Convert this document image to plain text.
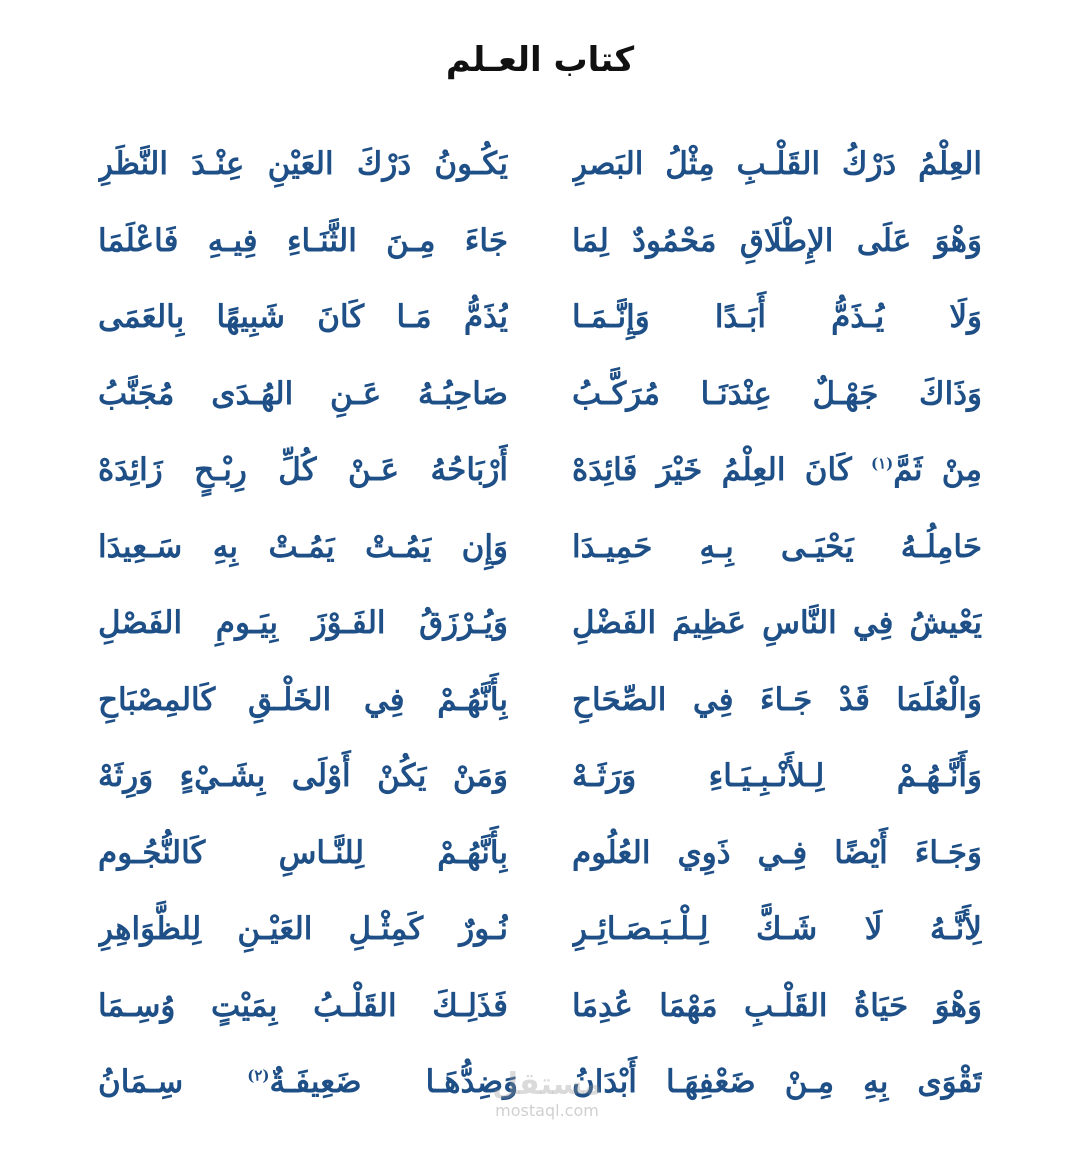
كتاب العـلم
العِلْمُ دَرْكُ القَلْـبِ مِثْلُ البَصرِ
يَكُـونُ دَرْكَ العَيْنِ عِنْـدَ النَّظَرِ
وَهْوَ عَلَى الإِطْلَاقِ مَحْمُودٌ لِمَا
جَاءَ مِـنَ الثَّنَـاءِ فِيـهِ فَاعْلَمَا
وَلَا يُـذَمُّ أَبَـدًا وَإِنَّـمَـا
يُذَمُّ مَـا كَانَ شَبِيهًا بِالعَمَى
وَذَاكَ جَهْـلٌ عِنْدَنَـا مُرَكَّـبُ
صَاحِبُـهُ عَـنِ الهُـدَى مُجَنَّبُ
مِنْ ثَمَّ$^{(١)}$ كَانَ العِلْمُ خَيْرَ فَائِدَهْ
أَرْبَاحُهُ عَـنْ كُلِّ رِبْـحٍ زَائِدَهْ
حَامِلُـهُ يَحْيَـى بِـهِ حَمِيـدَا
وَإِن يَمُـتْ يَمُـتْ بِهِ سَـعِيدَا
يَعْيشُ فِي النَّاسِ عَظِيمَ الفَضْلِ
وَيُـرْزَقُ الفَـوْزَ بِيَـومِ الفَصْلِ
وَالْعُلَمَا قَدْ جَـاءَ فِي الصِّحَاحِ
بِأَنَّهُـمْ فِي الخَلْـقِ كَالمِصْبَاحِ
وَأَنَّـهُـمْ لِـلأَنْـبِـيَـاءِ وَرَثَـهْ
وَمَنْ يَكُنْ أَوْلَى بِشَـيْءٍ وَرِثَهْ
وَجَـاءَ أَيْضًا فِـي ذَوِي العُلُوم
بِأَنَّهُـمْ لِلنَّـاسِ كَالنُّجُـوم
لِأَنَّـهُ لَا شَـكَّ لِـلْـبَـصَـائِـرِ
نُـورٌ كَمِثْـلِ العَيْـنِ لِلظَّوَاهِرِ
وَهْوَ حَيَاةُ القَلْـبِ مَهْمَا عُدِمَا
فَذَلِـكَ القَلْـبُ بِمَيْتٍ وُسِـمَا
تَقْوَى بِهِ مِـنْ ضَعْفِهَـا أَبْدَانُ
وَضِدُّهَـا ضَعِيفَـةٌ$^{(٢)}$ سِـمَانُ	مستقل
mostaql.com
